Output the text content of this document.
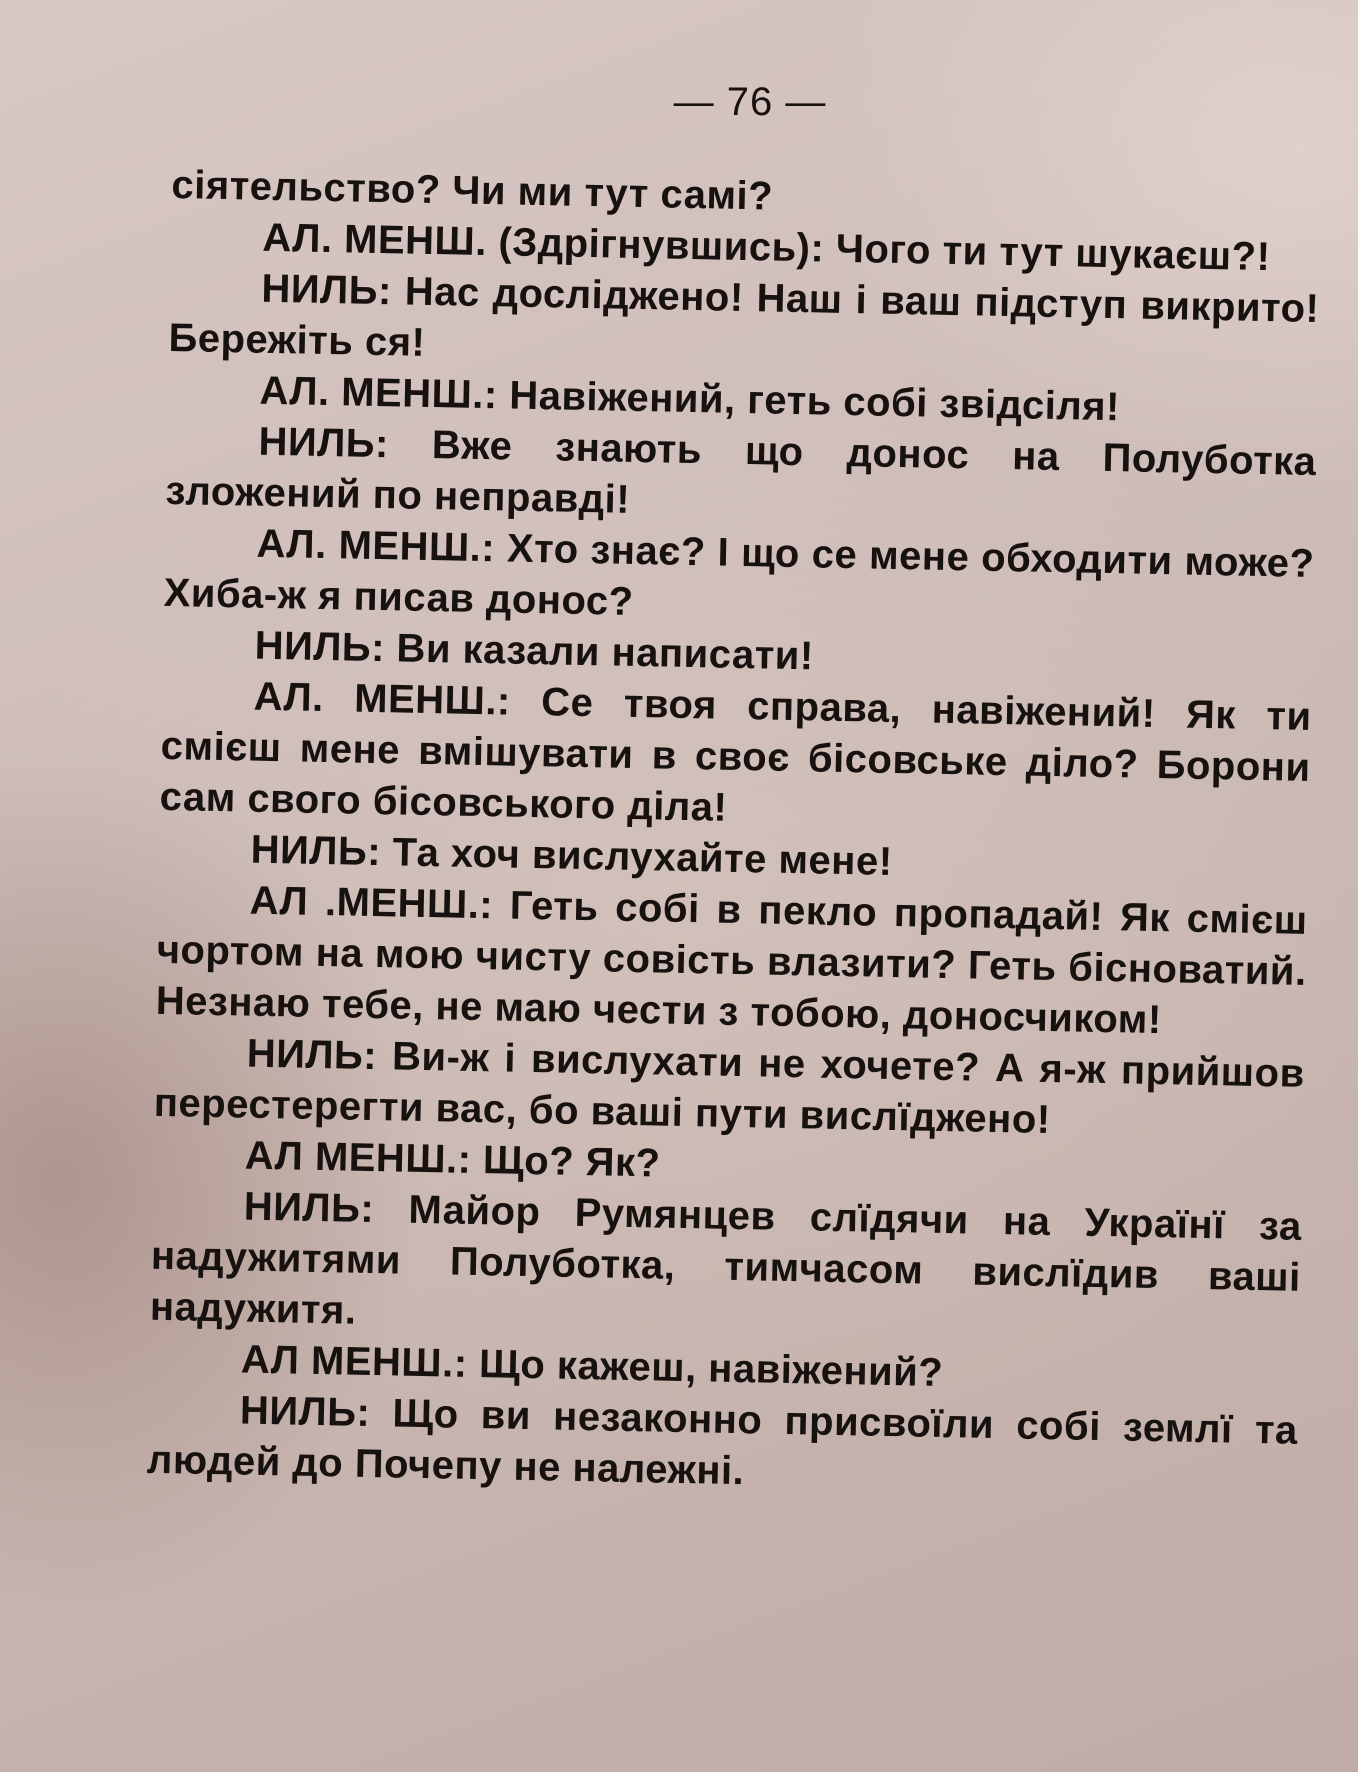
— 76 —

сіятельство? Чи ми тут самі?

АЛ. МЕНШ. (Здрігнувшись): Чого ти тут шукаєш?!

НИЛЬ: Нас досліджено! Наш і ваш підступ викрито! Бережіть ся!

АЛ. МЕНШ.: Навіжений, геть собі звідсіля!

НИЛЬ: Вже знають що донос на Полуботка зложений по неправді!

АЛ. МЕНШ.: Хто знає? І що се мене обходити може? Хиба-ж я писав донос?

НИЛЬ: Ви казали написати!

АЛ. МЕНШ.: Се твоя справа, навіжений! Як ти смієш мене вмішувати в своє бісовське діло? Борони сам свого бісовського діла!

НИЛЬ: Та хоч вислухайте мене!

АЛ .МЕНШ.: Геть собі в пекло пропадай! Як смієш чортом на мою чисту совість влазити? Геть бісноватий. Незнаю тебе, не маю чести з тобою, доносчиком!

НИЛЬ: Ви-ж і вислухати не хочете? А я-ж прийшов перестерегти вас, бо ваші пути вислїджено!

АЛ МЕНШ.: Що? Як?

НИЛЬ: Майор Румянцев слїдячи на Українї за надужитями Полуботка, тимчасом вислїдив ваші надужитя.

АЛ МЕНШ.: Що кажеш, навіжений?

НИЛЬ: Що ви незаконно присвоїли собі землї та людей до Почепу не належні.
